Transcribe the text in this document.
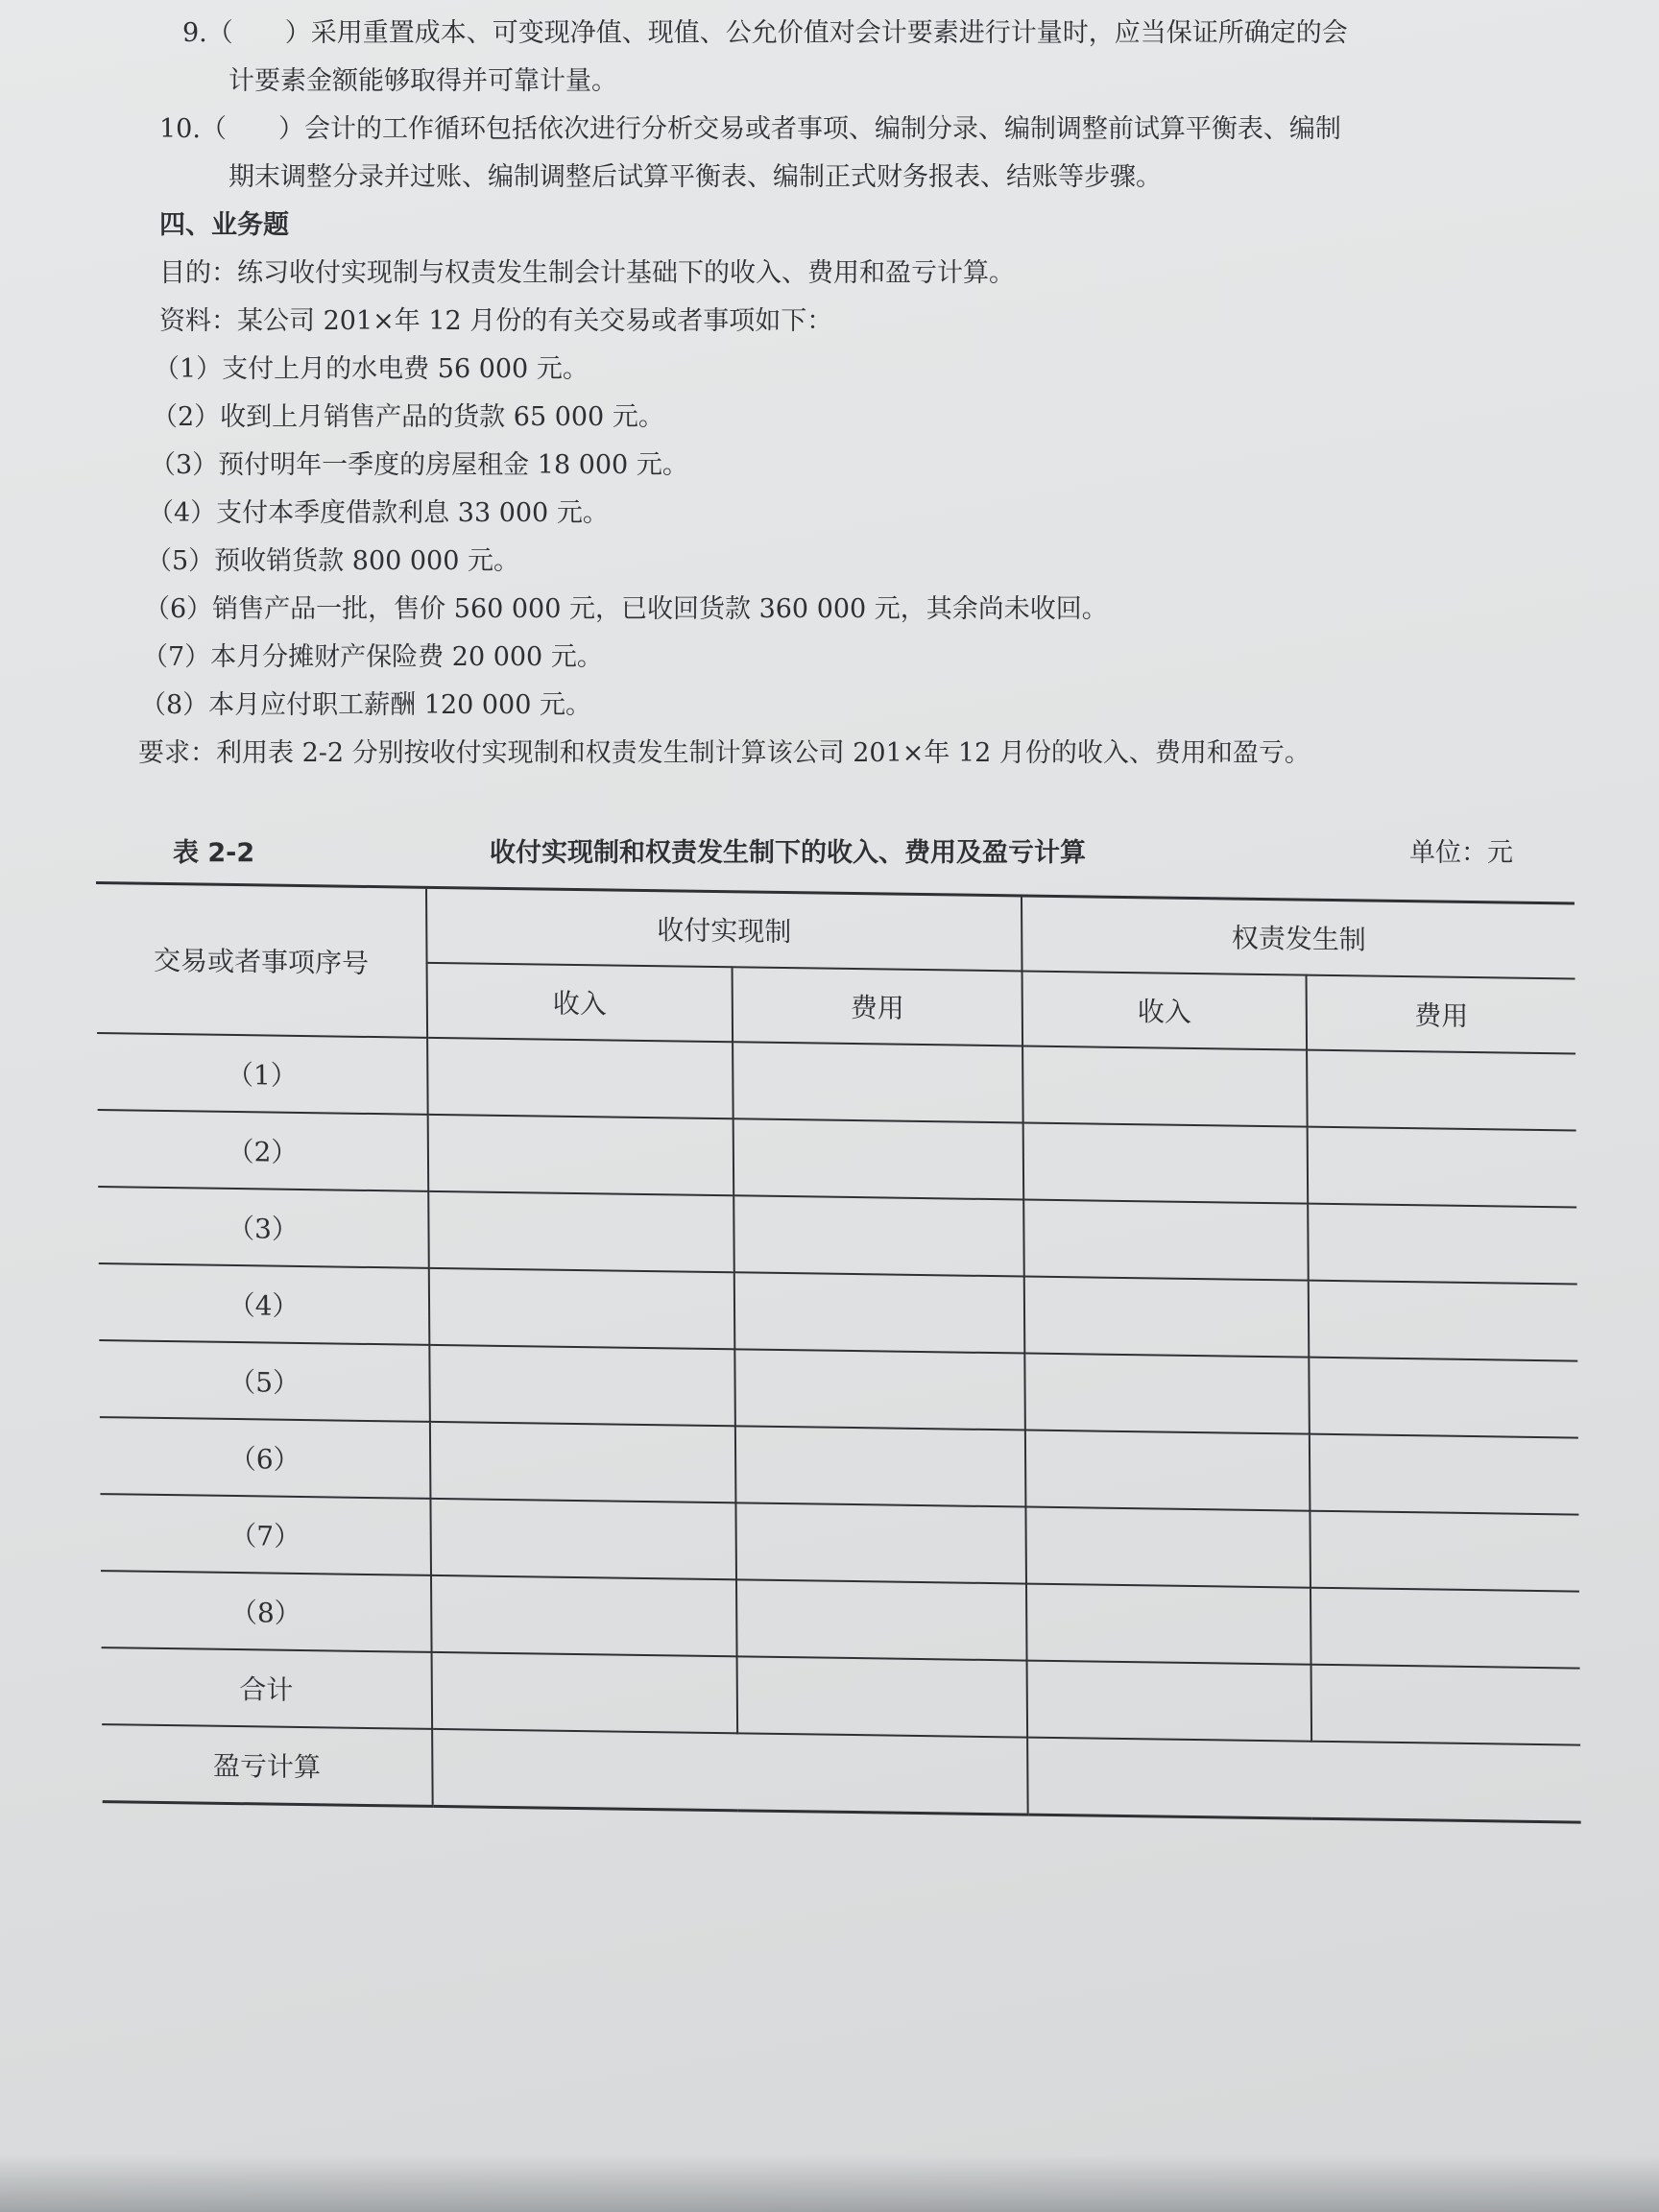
9.（　　）采用重置成本、可变现净值、现值、公允价值对会计要素进行计量时，应当保证所确定的会
计要素金额能够取得并可靠计量。
10.（　　）会计的工作循环包括依次进行分析交易或者事项、编制分录、编制调整前试算平衡表、编制
期末调整分录并过账、编制调整后试算平衡表、编制正式财务报表、结账等步骤。
四、业务题
目的：练习收付实现制与权责发生制会计基础下的收入、费用和盈亏计算。
资料：某公司 201×年 12 月份的有关交易或者事项如下：
（1）支付上月的水电费 56 000 元。
（2）收到上月销售产品的货款 65 000 元。
（3）预付明年一季度的房屋租金 18 000 元。
（4）支付本季度借款利息 33 000 元。
（5）预收销货款 800 000 元。
（6）销售产品一批，售价 560 000 元，已收回货款 360 000 元，其余尚未收回。
（7）本月分摊财产保险费 20 000 元。
（8）本月应付职工薪酬 120 000 元。
要求：利用表 2-2 分别按收付实现制和权责发生制计算该公司 201×年 12 月份的收入、费用和盈亏。
表 2-2	收付实现制和权责发生制下的收入、费用及盈亏计算	单位：元
交易或者事项序号	收付实现制		权责发生制	
	收入	费用	收入	费用
（1）				
（2）				
（3）				
（4）				
（5）				
（6）				
（7）				
（8）				
合计				
盈亏计算				
